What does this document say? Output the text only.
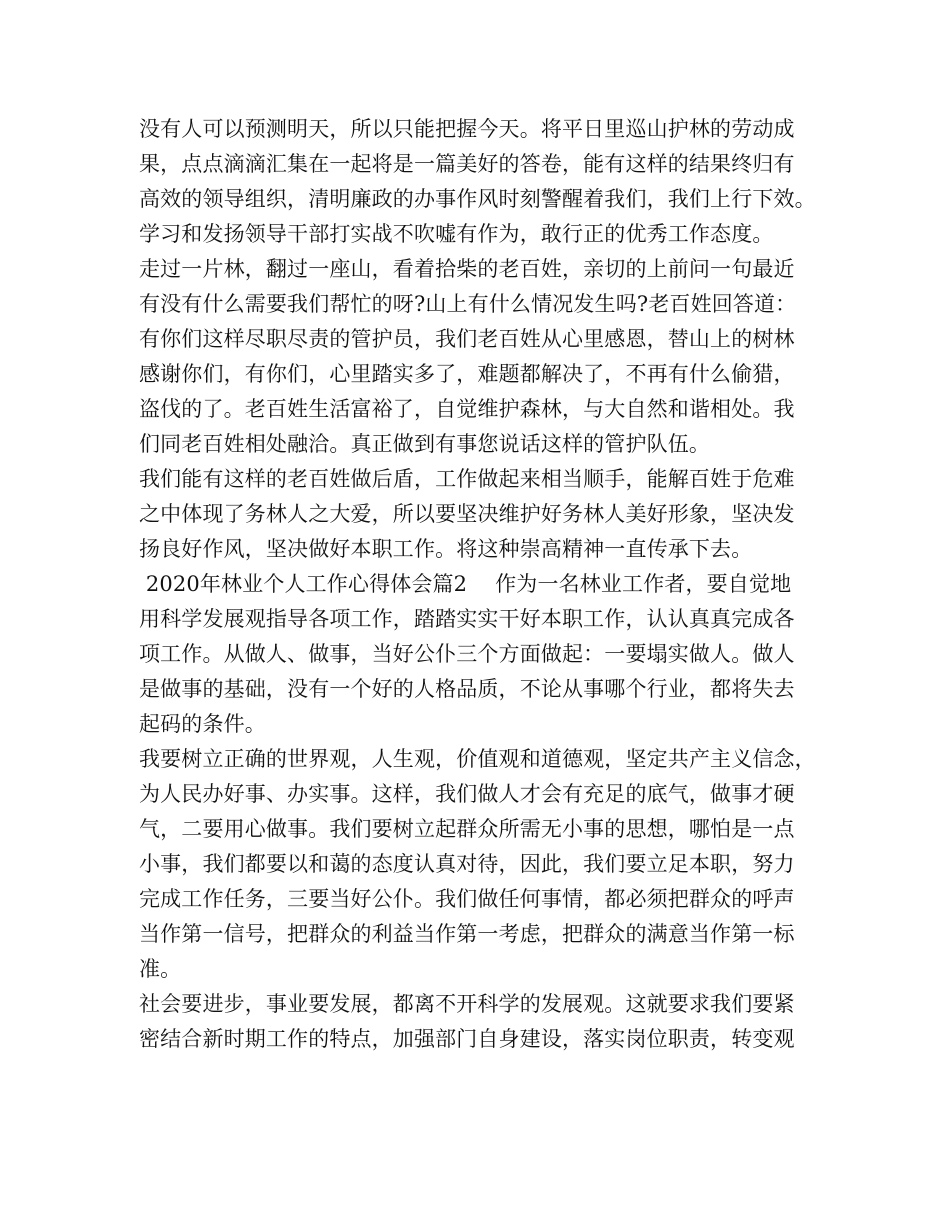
没有人可以预测明天，所以只能把握今天。将平日里巡山护林的劳动成
果，点点滴滴汇集在一起将是一篇美好的答卷，能有这样的结果终归有
高效的领导组织，清明廉政的办事作风时刻警醒着我们，我们上行下效。
学习和发扬领导干部打实战不吹嘘有作为，敢行正的优秀工作态度。
走过一片林，翻过一座山，看着拾柴的老百姓，亲切的上前问一句最近
有没有什么需要我们帮忙的呀?山上有什么情况发生吗?老百姓回答道：
有你们这样尽职尽责的管护员，我们老百姓从心里感恩，替山上的树林
感谢你们，有你们，心里踏实多了，难题都解决了，不再有什么偷猎，
盗伐的了。老百姓生活富裕了，自觉维护森林，与大自然和谐相处。我
们同老百姓相处融洽。真正做到有事您说话这样的管护队伍。
我们能有这样的老百姓做后盾，工作做起来相当顺手，能解百姓于危难
之中体现了务林人之大爱，所以要坚决维护好务林人美好形象，坚决发
扬良好作风，坚决做好本职工作。将这种崇高精神一直传承下去。
2020年林业个人工作心得体会篇2　 作为一名林业工作者，要自觉地
用科学发展观指导各项工作，踏踏实实干好本职工作，认认真真完成各
项工作。从做人、做事，当好公仆三个方面做起：一要塌实做人。做人
是做事的基础，没有一个好的人格品质，不论从事哪个行业，都将失去
起码的条件。
我要树立正确的世界观，人生观，价值观和道德观，坚定共产主义信念，
为人民办好事、办实事。这样，我们做人才会有充足的底气，做事才硬
气，二要用心做事。我们要树立起群众所需无小事的思想，哪怕是一点
小事，我们都要以和蔼的态度认真对待，因此，我们要立足本职，努力
完成工作任务，三要当好公仆。我们做任何事情，都必须把群众的呼声
当作第一信号，把群众的利益当作第一考虑，把群众的满意当作第一标
准。
社会要进步，事业要发展，都离不开科学的发展观。这就要求我们要紧
密结合新时期工作的特点，加强部门自身建设，落实岗位职责，转变观
